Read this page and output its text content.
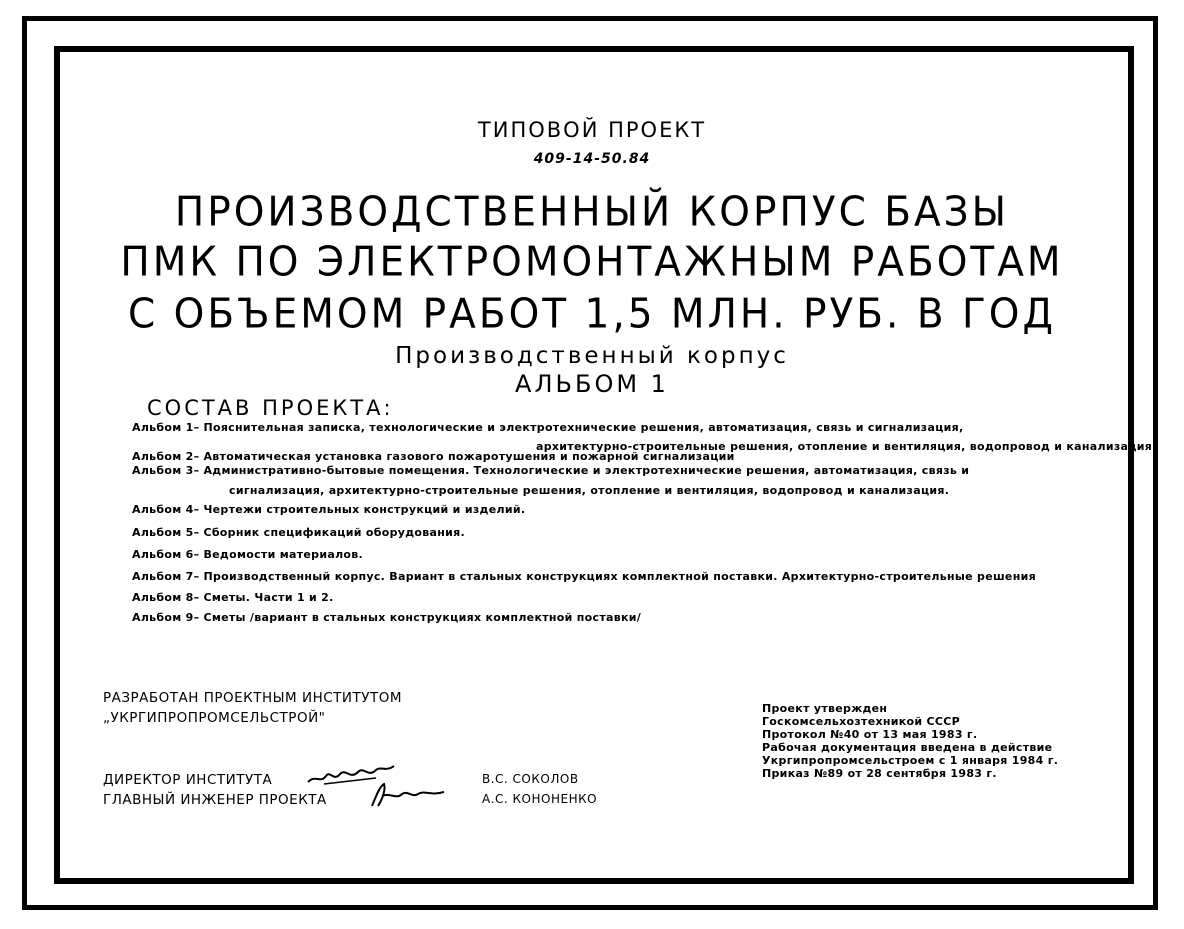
ТИПОВОЙ ПРОЕКТ
409-14-50.84
ПРОИЗВОДСТВЕННЫЙ КОРПУС БАЗЫ
ПМК ПО ЭЛЕКТРОМОНТАЖНЫМ РАБОТАМ
С ОБЪЕМОМ РАБОТ 1,5 МЛН. РУБ. В ГОД
Производственный корпус
АЛЬБОМ 1
СОСТАВ ПРОЕКТА:
Альбом 1– Пояснительная записка, технологические и электротехнические решения, автоматизация, связь и сигнализация,
архитектурно-строительные решения, отопление и вентиляция, водопровод и канализация.
Альбом 2– Автоматическая установка газового пожаротушения и пожарной сигнализации
Альбом 3– Административно-бытовые помещения. Технологические и электротехнические решения, автоматизация, связь и
сигнализация, архитектурно-строительные решения, отопление и вентиляция, водопровод и канализация.
Альбом 4– Чертежи строительных конструкций и изделий.
Альбом 5– Сборник спецификаций оборудования.
Альбом 6– Ведомости материалов.
Альбом 7– Производственный корпус. Вариант в стальных конструкциях комплектной поставки. Архитектурно-строительные решения
Альбом 8– Сметы. Части 1 и 2.
Альбом 9– Сметы /вариант в стальных конструкциях комплектной поставки/
РАЗРАБОТАН ПРОЕКТНЫМ ИНСТИТУТОМ
„УКРГИПРОПРОМСЕЛЬСТРОЙ"
ДИРЕКТОР ИНСТИТУТА	В.С. СОКОЛОВ
ГЛАВНЫЙ ИНЖЕНЕР ПРОЕКТА	А.С. КОНОНЕНКО
Проект утвержден
Госкомсельхозтехникой СССР
Протокол №40 от 13 мая 1983 г.
Рабочая документация введена в действие
Укргипропромсельстроем с 1 января 1984 г.
Приказ №89 от 28 сентября 1983 г.
